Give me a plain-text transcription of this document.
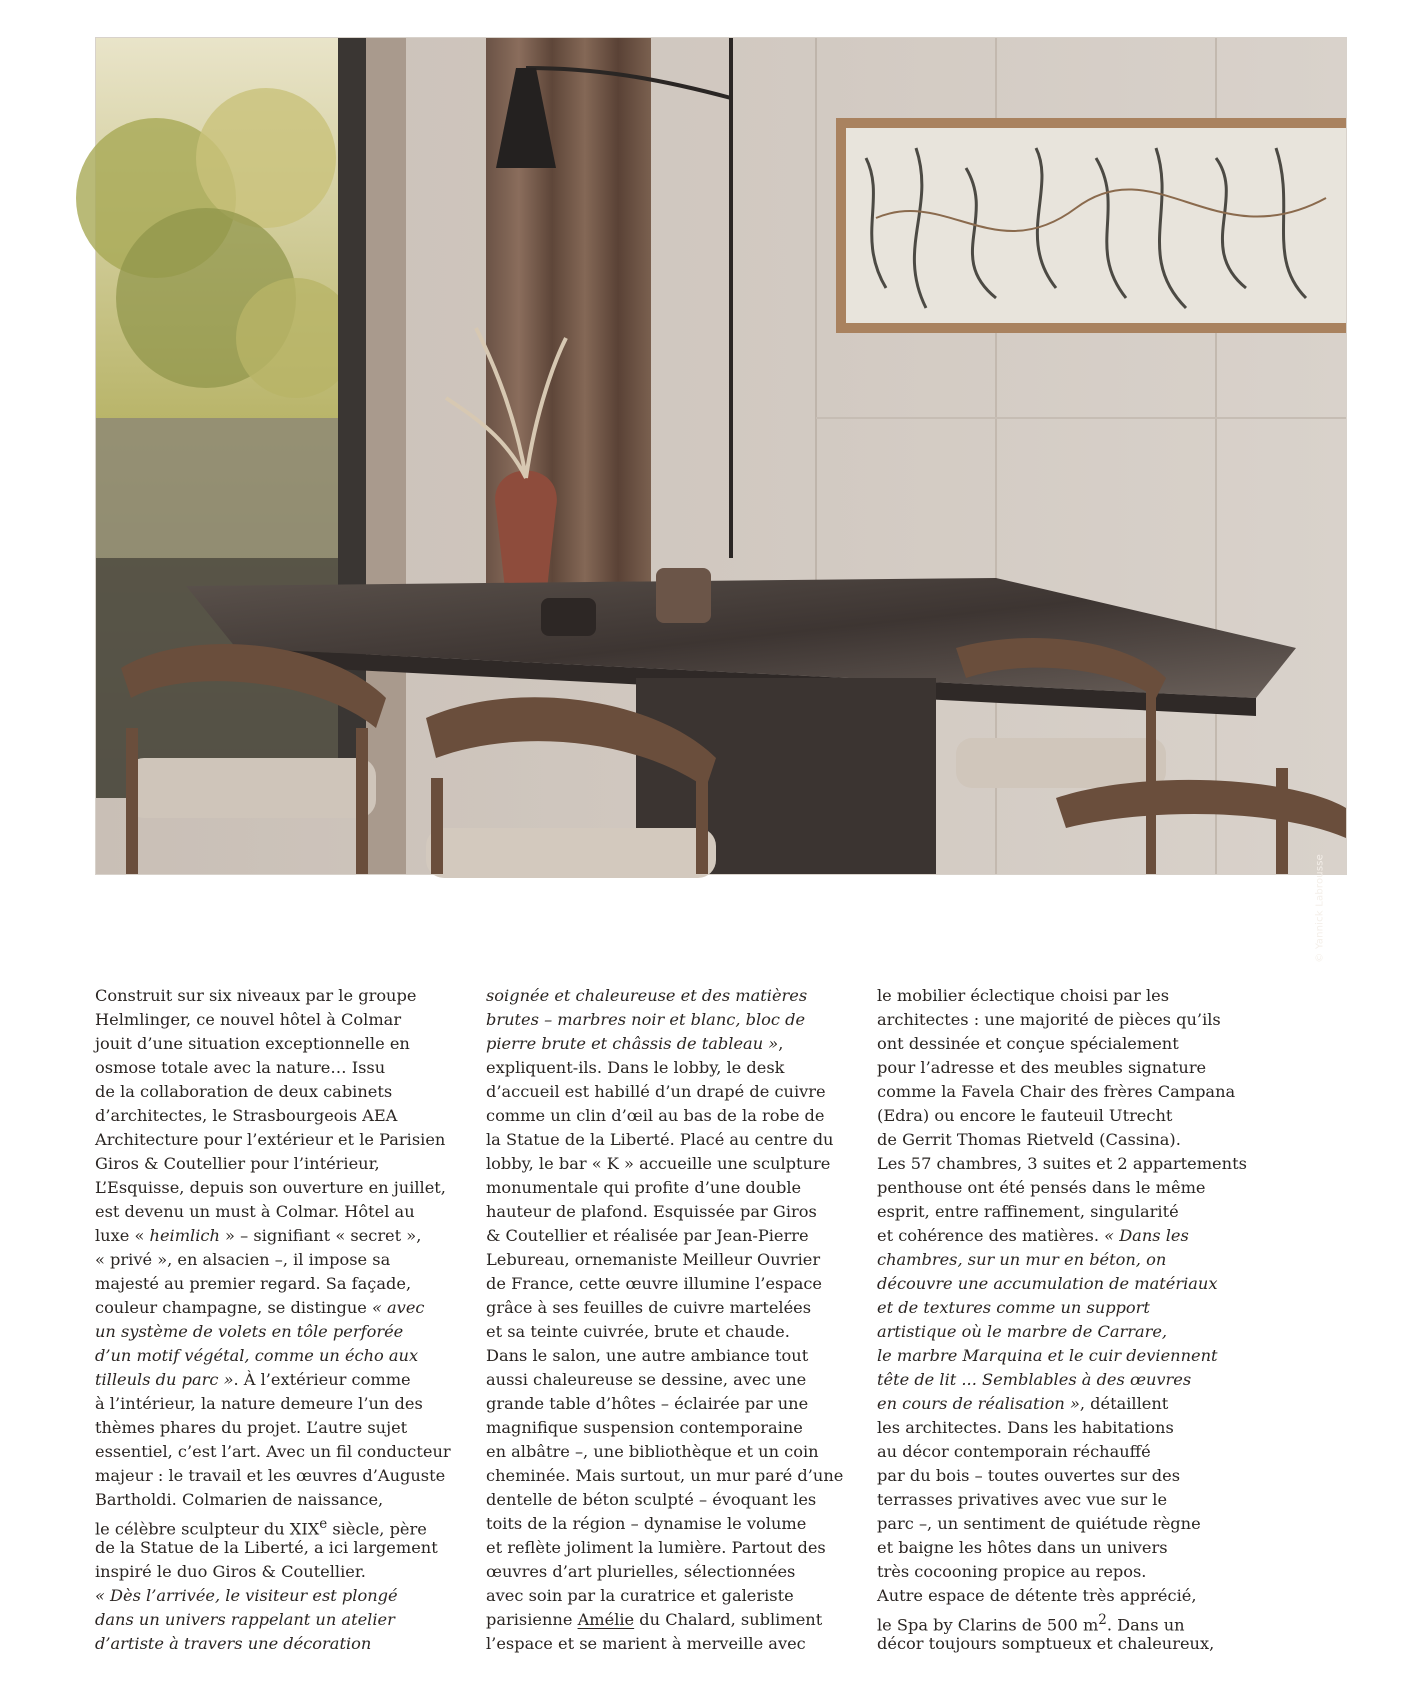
© Yannick Labrousse
Construit sur six niveaux par le groupe
Helmlinger, ce nouvel hôtel à Colmar
jouit d’une situation exceptionnelle en
osmose totale avec la nature… Issu
de la collaboration de deux cabinets
d’architectes, le Strasbourgeois AEA
Architecture pour l’extérieur et le Parisien
Giros & Coutellier pour l’intérieur,
L’Esquisse, depuis son ouverture en juillet,
est devenu un must à Colmar. Hôtel au
luxe « heimlich » – signifiant « secret »,
« privé », en alsacien –, il impose sa
majesté au premier regard. Sa façade,
couleur champagne, se distingue « avec
un système de volets en tôle perforée
d’un motif végétal, comme un écho aux
tilleuls du parc ». À l’extérieur comme
à l’intérieur, la nature demeure l’un des
thèmes phares du projet. L’autre sujet
essentiel, c’est l’art. Avec un fil conducteur
majeur : le travail et les œuvres d’Auguste
Bartholdi. Colmarien de naissance,
le célèbre sculpteur du XIXe siècle, père
de la Statue de la Liberté, a ici largement
inspiré le duo Giros & Coutellier.
« Dès l’arrivée, le visiteur est plongé
dans un univers rappelant un atelier
d’artiste à travers une décoration
soignée et chaleureuse et des matières
brutes – marbres noir et blanc, bloc de
pierre brute et châssis de tableau »,
expliquent-ils. Dans le lobby, le desk
d’accueil est habillé d’un drapé de cuivre
comme un clin d’œil au bas de la robe de
la Statue de la Liberté. Placé au centre du
lobby, le bar « K » accueille une sculpture
monumentale qui profite d’une double
hauteur de plafond. Esquissée par Giros
& Coutellier et réalisée par Jean-Pierre
Lebureau, ornemaniste Meilleur Ouvrier
de France, cette œuvre illumine l’espace
grâce à ses feuilles de cuivre martelées
et sa teinte cuivrée, brute et chaude.
Dans le salon, une autre ambiance tout
aussi chaleureuse se dessine, avec une
grande table d’hôtes – éclairée par une
magnifique suspension contemporaine
en albâtre –, une bibliothèque et un coin
cheminée. Mais surtout, un mur paré d’une
dentelle de béton sculpté – évoquant les
toits de la région – dynamise le volume
et reflète joliment la lumière. Partout des
œuvres d’art plurielles, sélectionnées
avec soin par la curatrice et galeriste
parisienne Amélie du Chalard, subliment
l’espace et se marient à merveille avec
le mobilier éclectique choisi par les
architectes : une majorité de pièces qu’ils
ont dessinée et conçue spécialement
pour l’adresse et des meubles signature
comme la Favela Chair des frères Campana
(Edra) ou encore le fauteuil Utrecht
de Gerrit Thomas Rietveld (Cassina).
Les 57 chambres, 3 suites et 2 appartements
penthouse ont été pensés dans le même
esprit, entre raffinement, singularité
et cohérence des matières. « Dans les
chambres, sur un mur en béton, on
découvre une accumulation de matériaux
et de textures comme un support
artistique où le marbre de Carrare,
le marbre Marquina et le cuir deviennent
tête de lit ... Semblables à des œuvres
en cours de réalisation », détaillent
les architectes. Dans les habitations
au décor contemporain réchauffé
par du bois – toutes ouvertes sur des
terrasses privatives avec vue sur le
parc –, un sentiment de quiétude règne
et baigne les hôtes dans un univers
très cocooning propice au repos.
Autre espace de détente très apprécié,
le Spa by Clarins de 500 $m^2$. Dans un
décor toujours somptueux et chaleureux,
